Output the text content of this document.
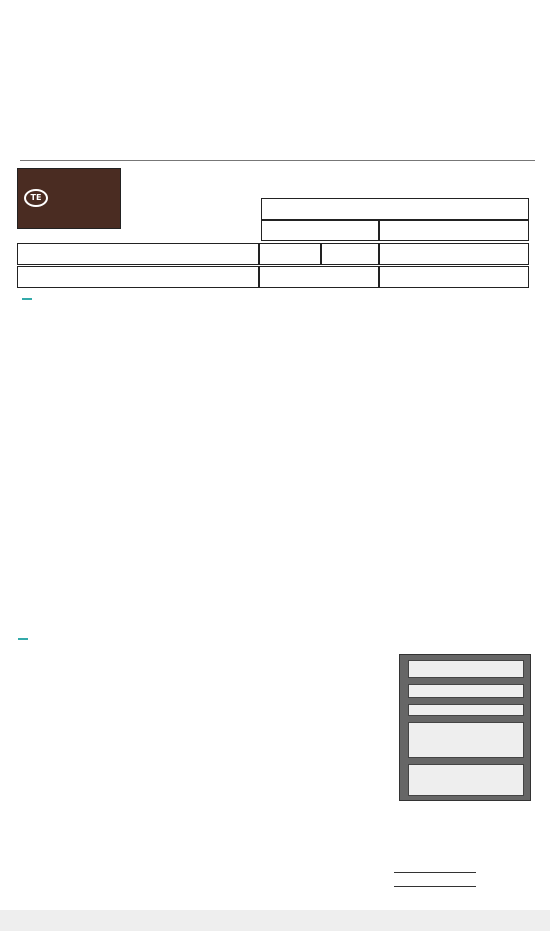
TE
